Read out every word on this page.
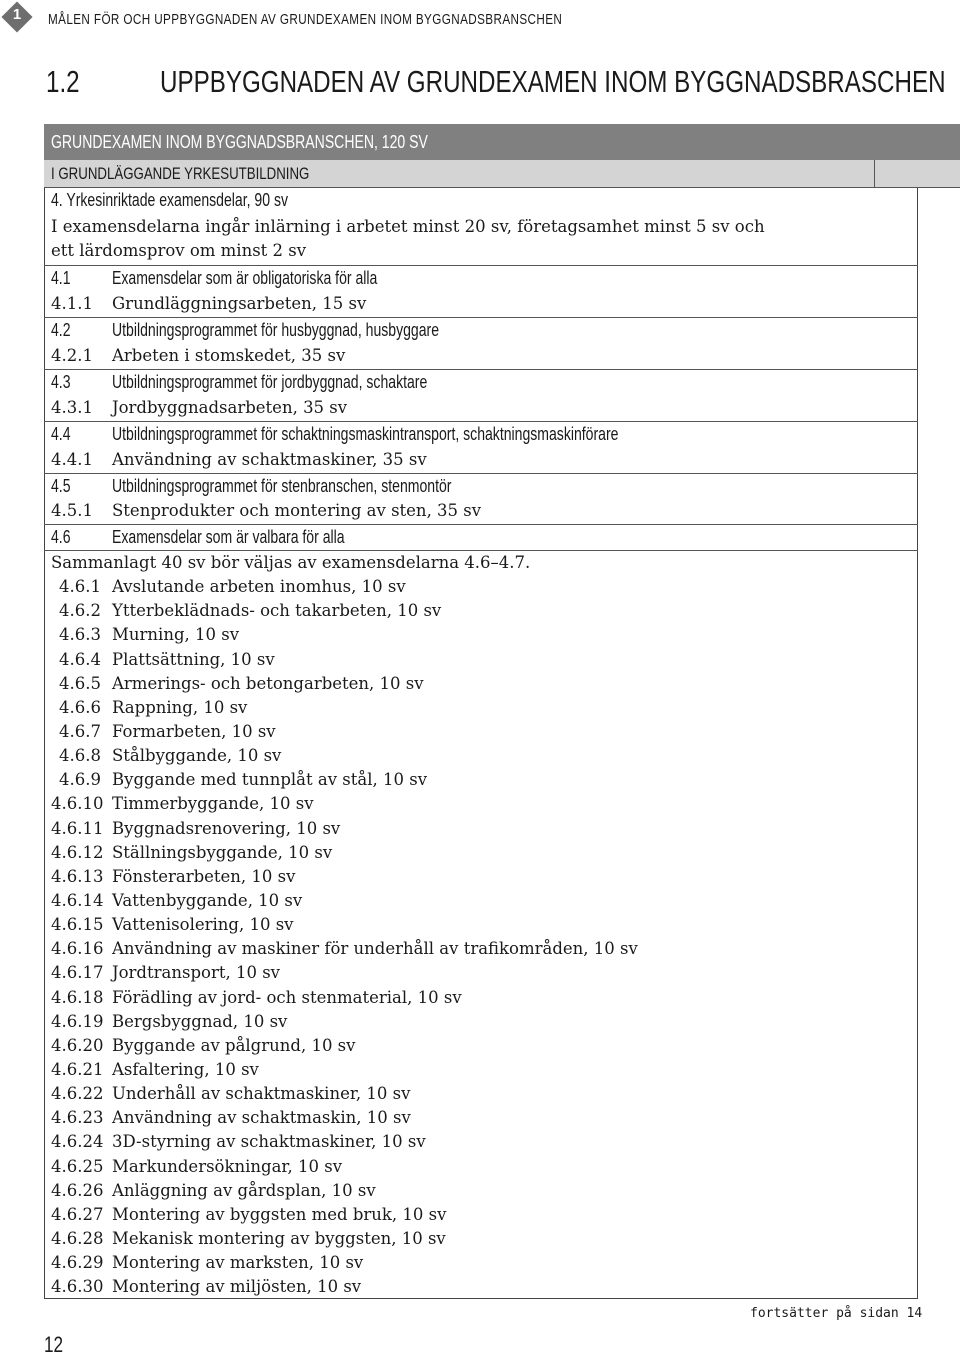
1	MÅLEN FÖR OCH UPPBYGGNADEN AV GRUNDEXAMEN INOM BYGGNADSBRANSCHEN
1.2	UPPBYGGNADEN AV GRUNDEXAMEN INOM BYGGNADSBRASCHEN
GRUNDEXAMEN INOM BYGGNADSBRANSCHEN, 120 SV
I GRUNDLÄGGANDE YRKESUTBILDNING
4. Yrkesinriktade examensdelar, 90 sv
I examensdelarna ingår inlärning i arbetet minst 20 sv, företagsamhet minst 5 sv och
ett lärdomsprov om minst 2 sv
4.1 Examensdelar som är obligatoriska för alla
4.1.1 Grundläggningsarbeten, 15 sv
4.2 Utbildningsprogrammet för husbyggnad, husbyggare
4.2.1 Arbeten i stomskedet, 35 sv
4.3 Utbildningsprogrammet för jordbyggnad, schaktare
4.3.1 Jordbyggnadsarbeten, 35 sv
4.4 Utbildningsprogrammet för schaktningsmaskintransport, schaktningsmaskinförare
4.4.1 Användning av schaktmaskiner, 35 sv
4.5 Utbildningsprogrammet för stenbranschen, stenmontör
4.5.1 Stenprodukter och montering av sten, 35 sv
4.6 Examensdelar som är valbara för alla
Sammanlagt 40 sv bör väljas av examensdelarna 4.6–4.7.
4.6.1 Avslutande arbeten inomhus, 10 sv
4.6.2 Ytterbeklädnads- och takarbeten, 10 sv
4.6.3 Murning, 10 sv
4.6.4 Plattsättning, 10 sv
4.6.5 Armerings- och betongarbeten, 10 sv
4.6.6 Rappning, 10 sv
4.6.7 Formarbeten, 10 sv
4.6.8 Stålbyggande, 10 sv
4.6.9 Byggande med tunnplåt av stål, 10 sv
4.6.10 Timmerbyggande, 10 sv
4.6.11 Byggnadsrenovering, 10 sv
4.6.12 Ställningsbyggande, 10 sv
4.6.13 Fönsterarbeten, 10 sv
4.6.14 Vattenbyggande, 10 sv
4.6.15 Vattenisolering, 10 sv
4.6.16 Användning av maskiner för underhåll av trafikområden, 10 sv
4.6.17 Jordtransport, 10 sv
4.6.18 Förädling av jord- och stenmaterial, 10 sv
4.6.19 Bergsbyggnad, 10 sv
4.6.20 Byggande av pålgrund, 10 sv
4.6.21 Asfaltering, 10 sv
4.6.22 Underhåll av schaktmaskiner, 10 sv
4.6.23 Användning av schaktmaskin, 10 sv
4.6.24 3D-styrning av schaktmaskiner, 10 sv
4.6.25 Markundersökningar, 10 sv
4.6.26 Anläggning av gårdsplan, 10 sv
4.6.27 Montering av byggsten med bruk, 10 sv
4.6.28 Mekanisk montering av byggsten, 10 sv
4.6.29 Montering av marksten, 10 sv
4.6.30 Montering av miljösten, 10 sv
fortsätter på sidan 14
12
